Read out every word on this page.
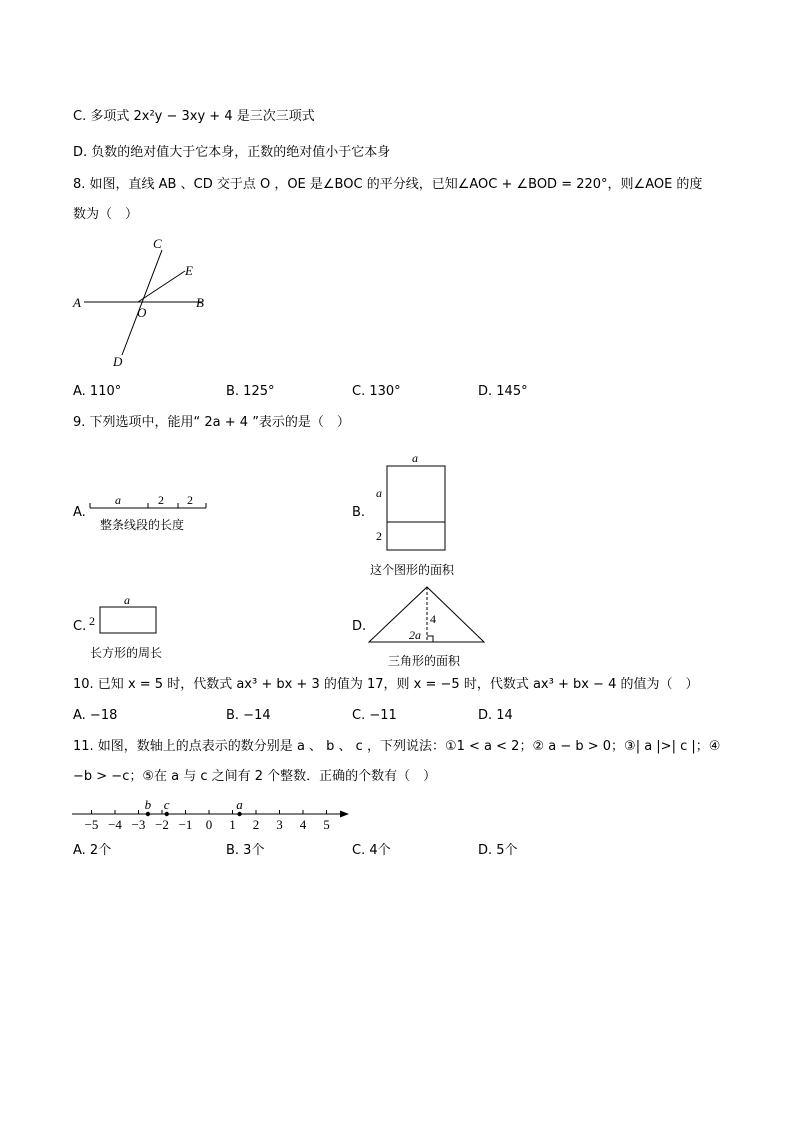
C. 多项式 2x²y − 3xy + 4 是三次三项式
D. 负数的绝对值大于它本身，正数的绝对值小于它本身
8. 如图，直线 AB 、CD 交于点 O ，OE 是∠BOC 的平分线，已知∠AOC + ∠BOD = 220°，则∠AOE 的度
数为（　）
A	B
C
D
E
O
A. 110°	B. 125°	C. 130°	D. 145°
9. 下列选项中，能用“ 2a + 4 ”表示的是（　）
A.
a	2 2
整条线段的长度
B.
a
a
2
这个图形的面积
C.
a
2
长方形的周长
D.	4
2a
三角形的面积
10. 已知 x = 5 时，代数式 ax³ + bx + 3 的值为 17，则 x = −5 时，代数式 ax³ + bx − 4 的值为（　）
A. −18	B. −14	C. −11	D. 14
11. 如图，数轴上的点表示的数分别是 a 、 b 、 c ，下列说法：①1 < a < 2；② a − b > 0；③| a |>| c |；④
−b > −c；⑤在 a 与 c 之间有 2 个整数．正确的个数有（　）
−5 −4 −3 −2 −1 0 1 2 3 4 5
b c	a
A. 2个	B. 3个	C. 4个	D. 5个
